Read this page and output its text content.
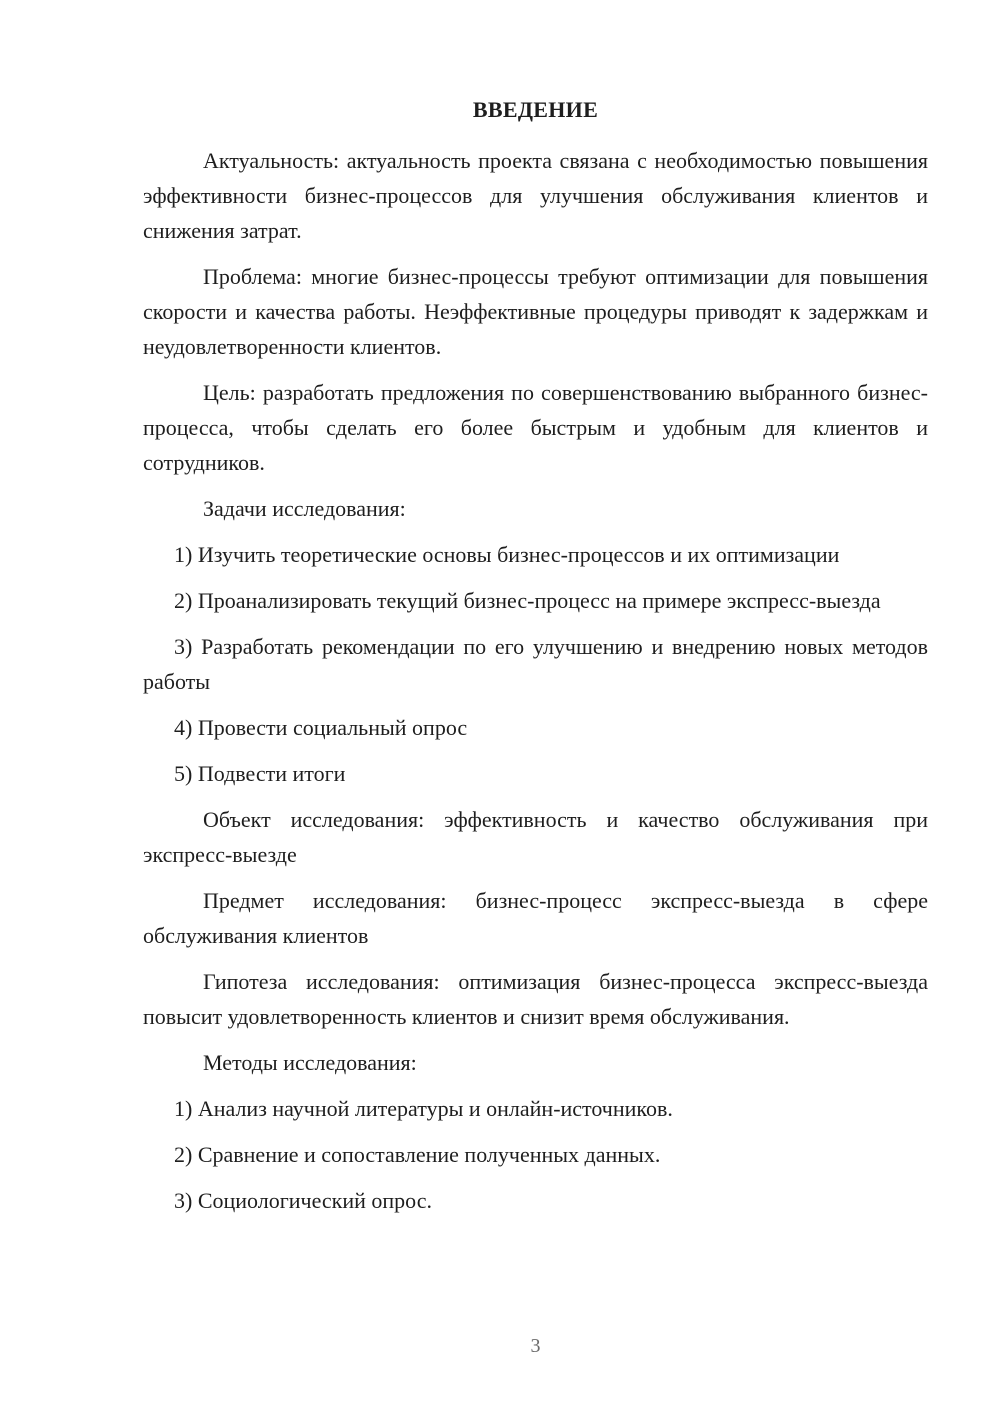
ВВЕДЕНИЕ

Актуальность: актуальность проекта связана с необходимостью повышения эффективности бизнес-процессов для улучшения обслуживания клиентов и снижения затрат.

Проблема: многие бизнес-процессы требуют оптимизации для повышения скорости и качества работы. Неэффективные процедуры приводят к задержкам и неудовлетворенности клиентов.

Цель: разработать предложения по совершенствованию выбранного бизнес-процесса, чтобы сделать его более быстрым и удобным для клиентов и сотрудников.

Задачи исследования:

1) Изучить теоретические основы бизнес-процессов и их оптимизации

2) Проанализировать текущий бизнес-процесс на примере экспресс-выезда

3) Разработать рекомендации по его улучшению и внедрению новых методов работы

4) Провести социальный опрос

5) Подвести итоги

Объект исследования: эффективность и качество обслуживания при экспресс-выезде

Предмет исследования: бизнес-процесс экспресс-выезда в сфере обслуживания клиентов

Гипотеза исследования: оптимизация бизнес-процесса экспресс-выезда повысит удовлетворенность клиентов и снизит время обслуживания.

Методы исследования:

1) Анализ научной литературы и онлайн-источников.

2) Сравнение и сопоставление полученных данных.

3) Социологический опрос.

3
